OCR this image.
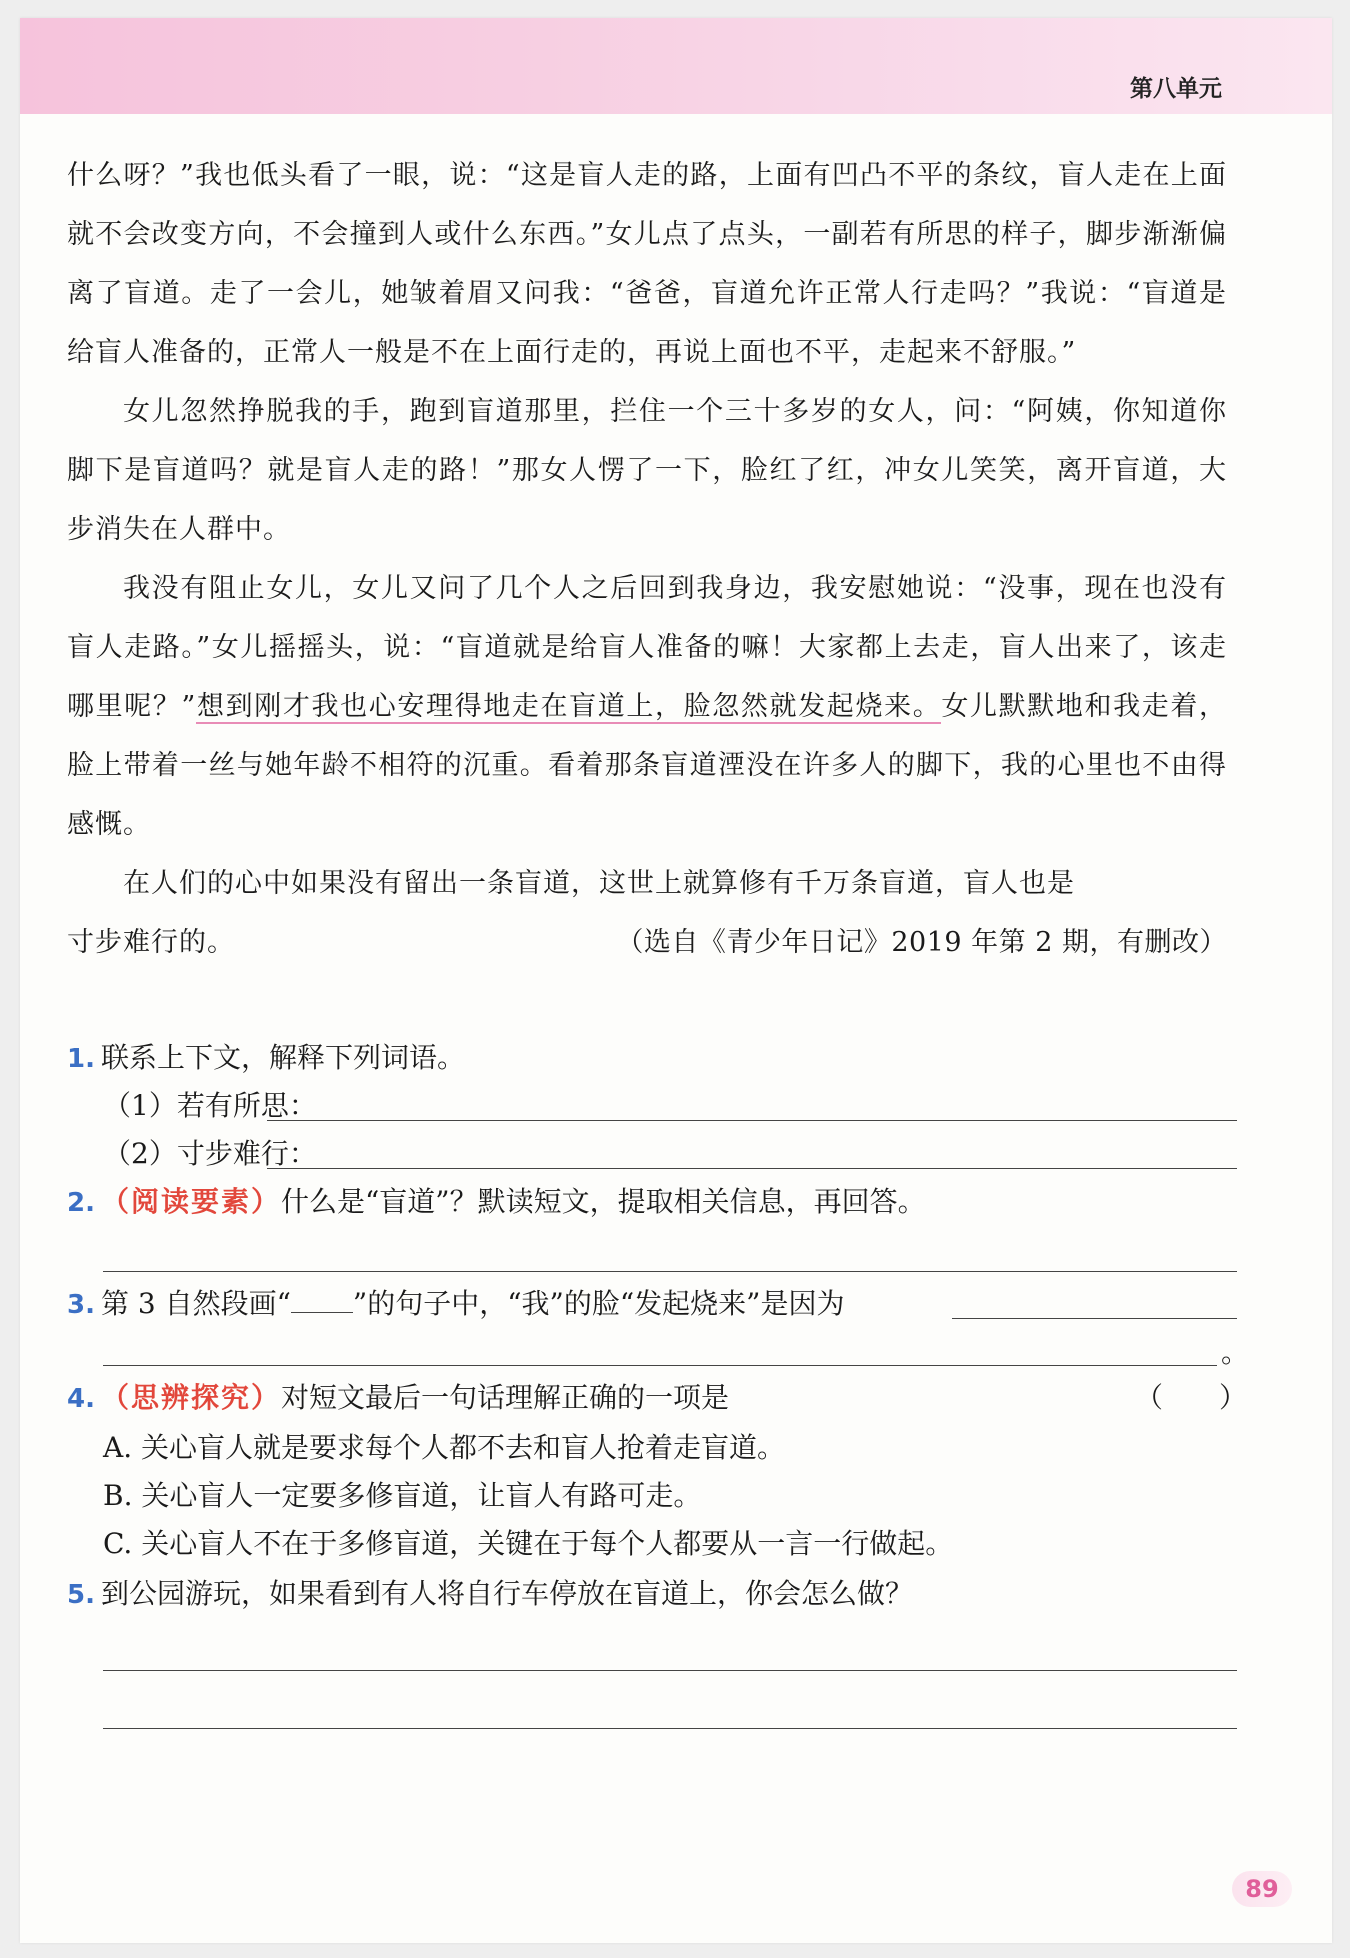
第八单元

什么呀？”我也低头看了一眼，说：“这是盲人走的路，上面有凹凸不平的条纹，盲人走在上面就不会改变方向，不会撞到人或什么东西。”女儿点了点头，一副若有所思的样子，脚步渐渐偏离了盲道。走了一会儿，她皱着眉又问我：“爸爸，盲道允许正常人行走吗？”我说：“盲道是给盲人准备的，正常人一般是不在上面行走的，再说上面也不平，走起来不舒服。”

女儿忽然挣脱我的手，跑到盲道那里，拦住一个三十多岁的女人，问：“阿姨，你知道你脚下是盲道吗？就是盲人走的路！”那女人愣了一下，脸红了红，冲女儿笑笑，离开盲道，大步消失在人群中。

我没有阻止女儿，女儿又问了几个人之后回到我身边，我安慰她说：“没事，现在也没有盲人走路。”女儿摇摇头，说：“盲道就是给盲人准备的嘛！大家都上去走，盲人出来了，该走哪里呢？”想到刚才我也心安理得地走在盲道上，脸忽然就发起烧来。女儿默默地和我走着，脸上带着一丝与她年龄不相符的沉重。看着那条盲道湮没在许多人的脚下，我的心里也不由得感慨。

在人们的心中如果没有留出一条盲道，这世上就算修有千万条盲道，盲人也是

寸步难行的。	（选自《青少年日记》2019 年第 2 期，有删改）
1. 联系上下文，解释下列词语。
（1）若有所思：
（2）寸步难行：
2. （阅读要素）什么是“盲道”？默读短文，提取相关信息，再回答。
3. 第 3 自然段画“ ”的句子中，“我”的脸“发起烧来”是因为
。
4. （思辨探究）对短文最后一句话理解正确的一项是	（　　）
A. 关心盲人就是要求每个人都不去和盲人抢着走盲道。
B. 关心盲人一定要多修盲道，让盲人有路可走。
C. 关心盲人不在于多修盲道，关键在于每个人都要从一言一行做起。
5. 到公园游玩，如果看到有人将自行车停放在盲道上，你会怎么做？
89
